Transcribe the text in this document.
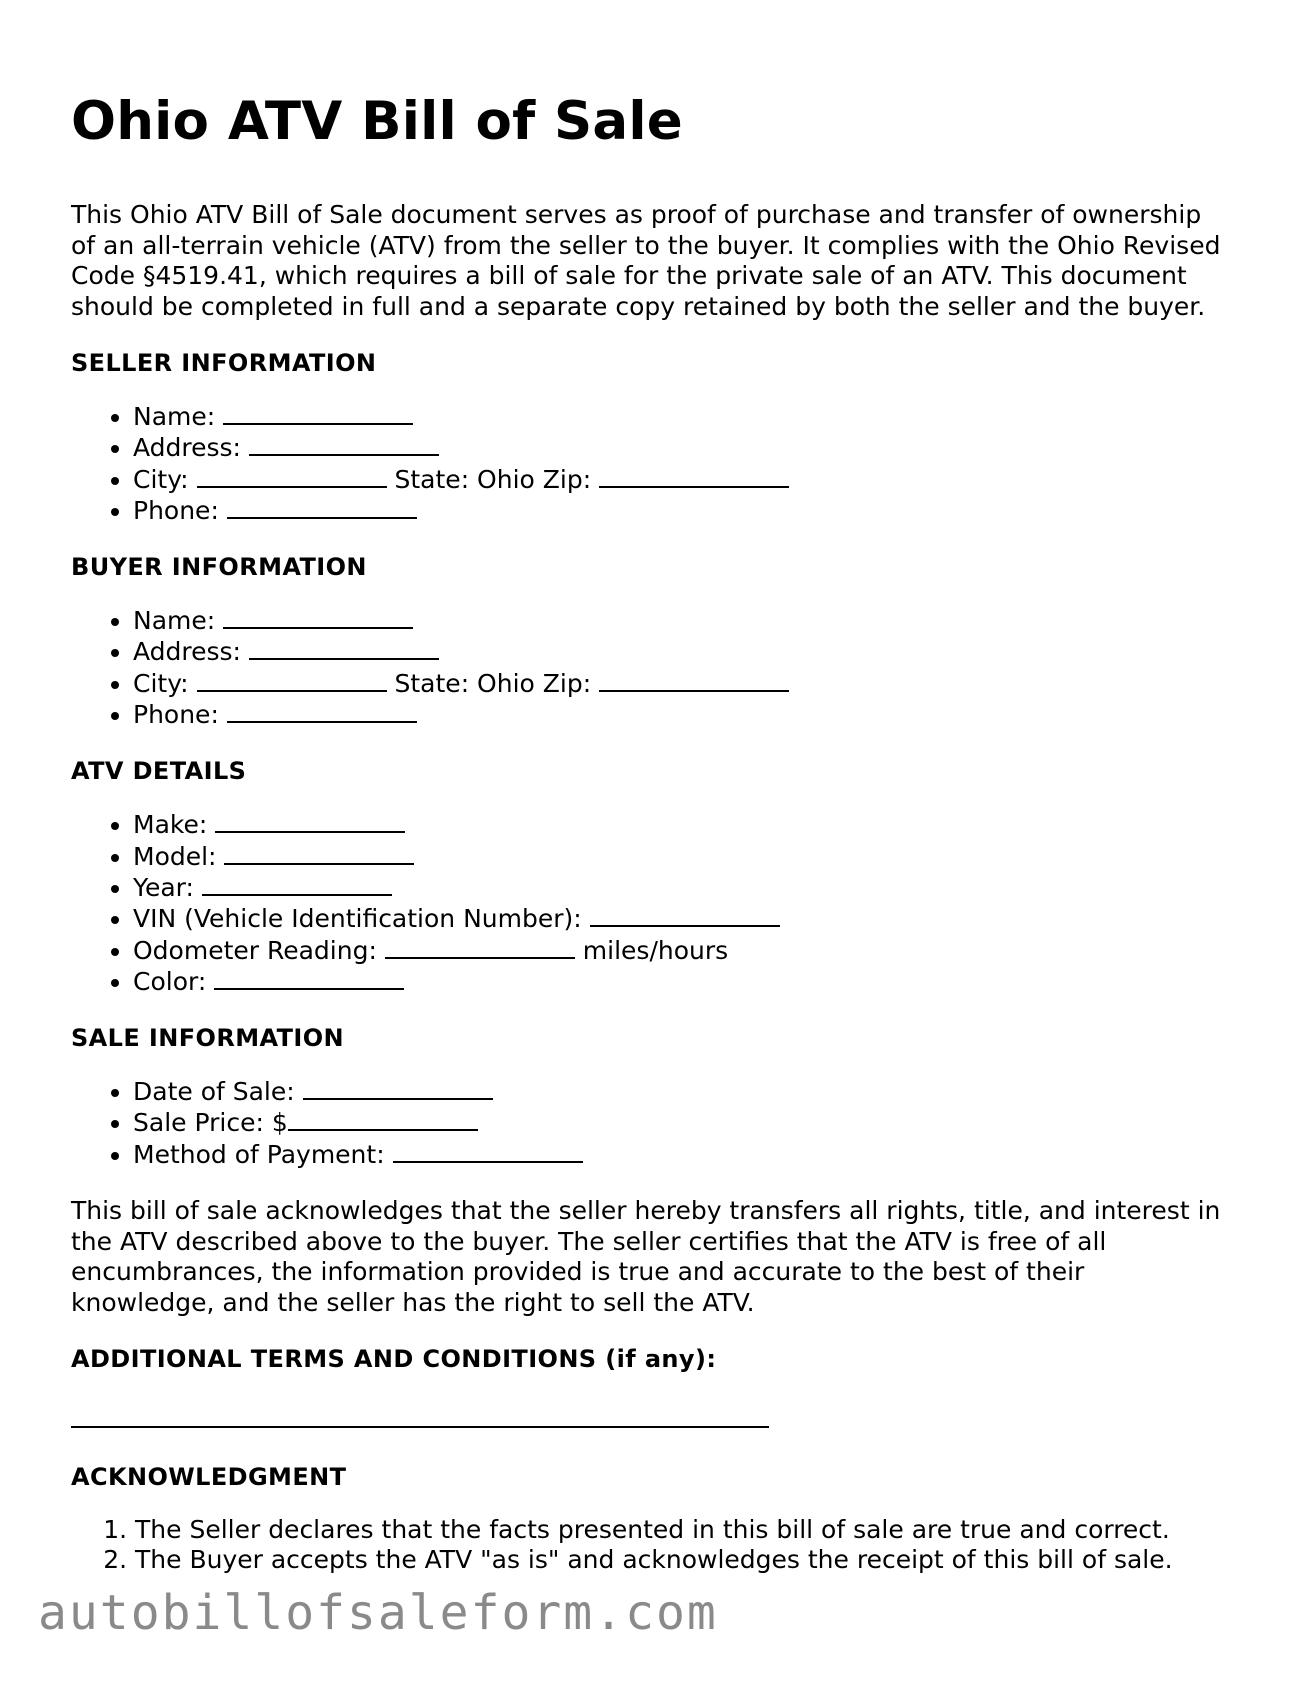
Ohio ATV Bill of Sale

This Ohio ATV Bill of Sale document serves as proof of purchase and transfer of ownership of an all-terrain vehicle (ATV) from the seller to the buyer. It complies with the Ohio Revised Code §4519.41, which requires a bill of sale for the private sale of an ATV. This document should be completed in full and a separate copy retained by both the seller and the buyer.

SELLER INFORMATION
• Name:
• Address:
• City:	State: Ohio Zip:
• Phone:
BUYER INFORMATION
• Name:
• Address:
• City:	State: Ohio Zip:
• Phone:
ATV DETAILS
• Make:
• Model:
• Year:
• VIN (Vehicle Identification Number):
• Odometer Reading:	miles/hours
• Color:
SALE INFORMATION
• Date of Sale:
• Sale Price: $
• Method of Payment:

This bill of sale acknowledges that the seller hereby transfers all rights, title, and interest in the ATV described above to the buyer. The seller certifies that the ATV is free of all encumbrances, the information provided is true and accurate to the best of their knowledge, and the seller has the right to sell the ATV.

ADDITIONAL TERMS AND CONDITIONS (if any):
ACKNOWLEDGMENT
1. The Seller declares that the facts presented in this bill of sale are true and correct.
2. The Buyer accepts the ATV "as is" and acknowledges the receipt of this bill of sale.
autobillofsaleform.com
